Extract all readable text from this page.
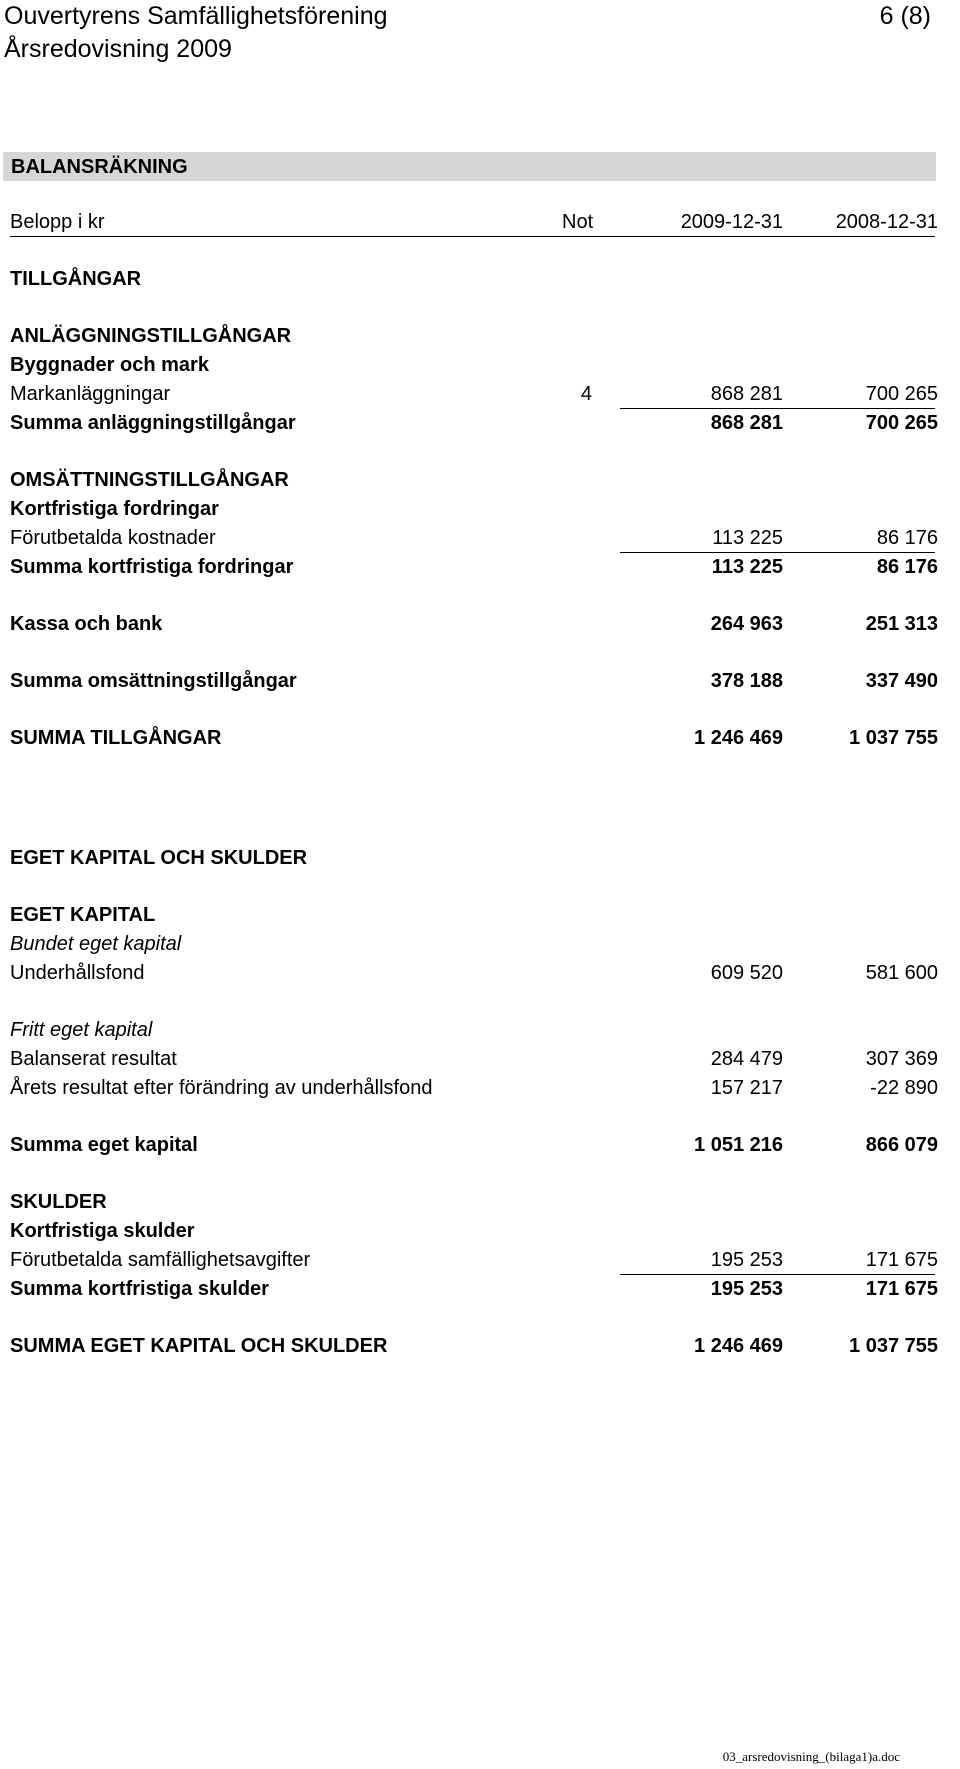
Ouvertyrens Samfällighetsförening
Årsredovisning 2009
6 (8)
BALANSRÄKNING
Belopp i kr	Not	2009-12-31	2008-12-31
TILLGÅNGAR
ANLÄGGNINGSTILLGÅNGAR
Byggnader och mark
Markanläggningar	4	868 281	700 265
Summa anläggningstillgångar	868 281	700 265
OMSÄTTNINGSTILLGÅNGAR
Kortfristiga fordringar
Förutbetalda kostnader	113 225	86 176
Summa kortfristiga fordringar	113 225	86 176
Kassa och bank	264 963	251 313
Summa omsättningstillgångar	378 188	337 490
SUMMA TILLGÅNGAR	1 246 469	1 037 755
EGET KAPITAL OCH SKULDER
EGET KAPITAL
Bundet eget kapital
Underhållsfond	609 520	581 600
Fritt eget kapital
Balanserat resultat	284 479	307 369
Årets resultat efter förändring av underhållsfond	157 217	-22 890
Summa eget kapital	1 051 216	866 079
SKULDER
Kortfristiga skulder
Förutbetalda samfällighetsavgifter	195 253	171 675
Summa kortfristiga skulder	195 253	171 675
SUMMA EGET KAPITAL OCH SKULDER	1 246 469	1 037 755
03_arsredovisning_(bilaga1)a.doc
